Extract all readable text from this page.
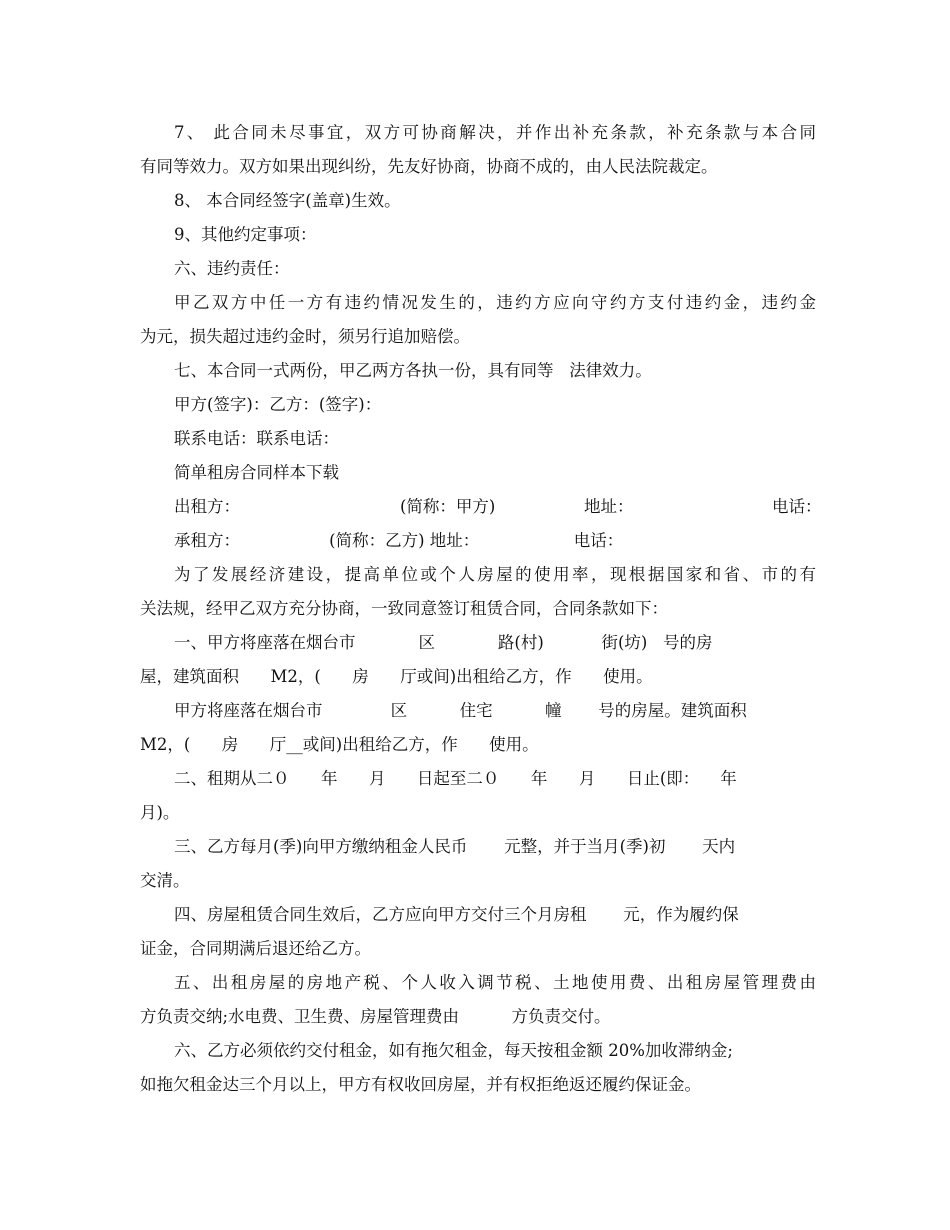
7、 此合同未尽事宜，双方可协商解决，并作出补充条款，补充条款与本合同
有同等效力。双方如果出现纠纷，先友好协商，协商不成的，由人民法院裁定。
8、 本合同经签字(盖章)生效。
9、其他约定事项：
六、违约责任：
甲乙双方中任一方有违约情况发生的，违约方应向守约方支付违约金，违约金
为元，损失超过违约金时，须另行追加赔偿。
七、本合同一式两份，甲乙两方各执一份，具有同等   法律效力。
甲方(签字)：乙方：(签字)：
联系电话：联系电话：
简单租房合同样本下载
出租方：	(简称：甲方)	地址：	电话：
承租方：                 (简称：乙方) 地址：                  电话：
为了发展经济建设，提高单位或个人房屋的使用率，现根据国家和省、市的有
关法规，经甲乙双方充分协商，一致同意签订租赁合同，合同条款如下：
一、甲方将座落在烟台市            区            路(村)           街(坊)   号的房
屋，建筑面积      M2，(      房      厅或间)出租给乙方，作      使用。
甲方将座落在烟台市             区          住宅          幢       号的房屋。建筑面积
M2，(      房      厅__或间)出租给乙方，作      使用。
二、租期从二０      年      月      日起至二０      年      月      日止(即：    年
月)。
三、乙方每月(季)向甲方缴纳租金人民币       元整，并于当月(季)初       天内
交清。
四、房屋租赁合同生效后，乙方应向甲方交付三个月房租       元，作为履约保
证金，合同期满后退还给乙方。
五、出租房屋的房地产税、个人收入调节税、土地使用费、出租房屋管理费由
方负责交纳;水电费、卫生费、房屋管理费由          方负责交付。
六、乙方必须依约交付租金，如有拖欠租金，每天按租金额 20%加收滞纳金;
如拖欠租金达三个月以上，甲方有权收回房屋，并有权拒绝返还履约保证金。
